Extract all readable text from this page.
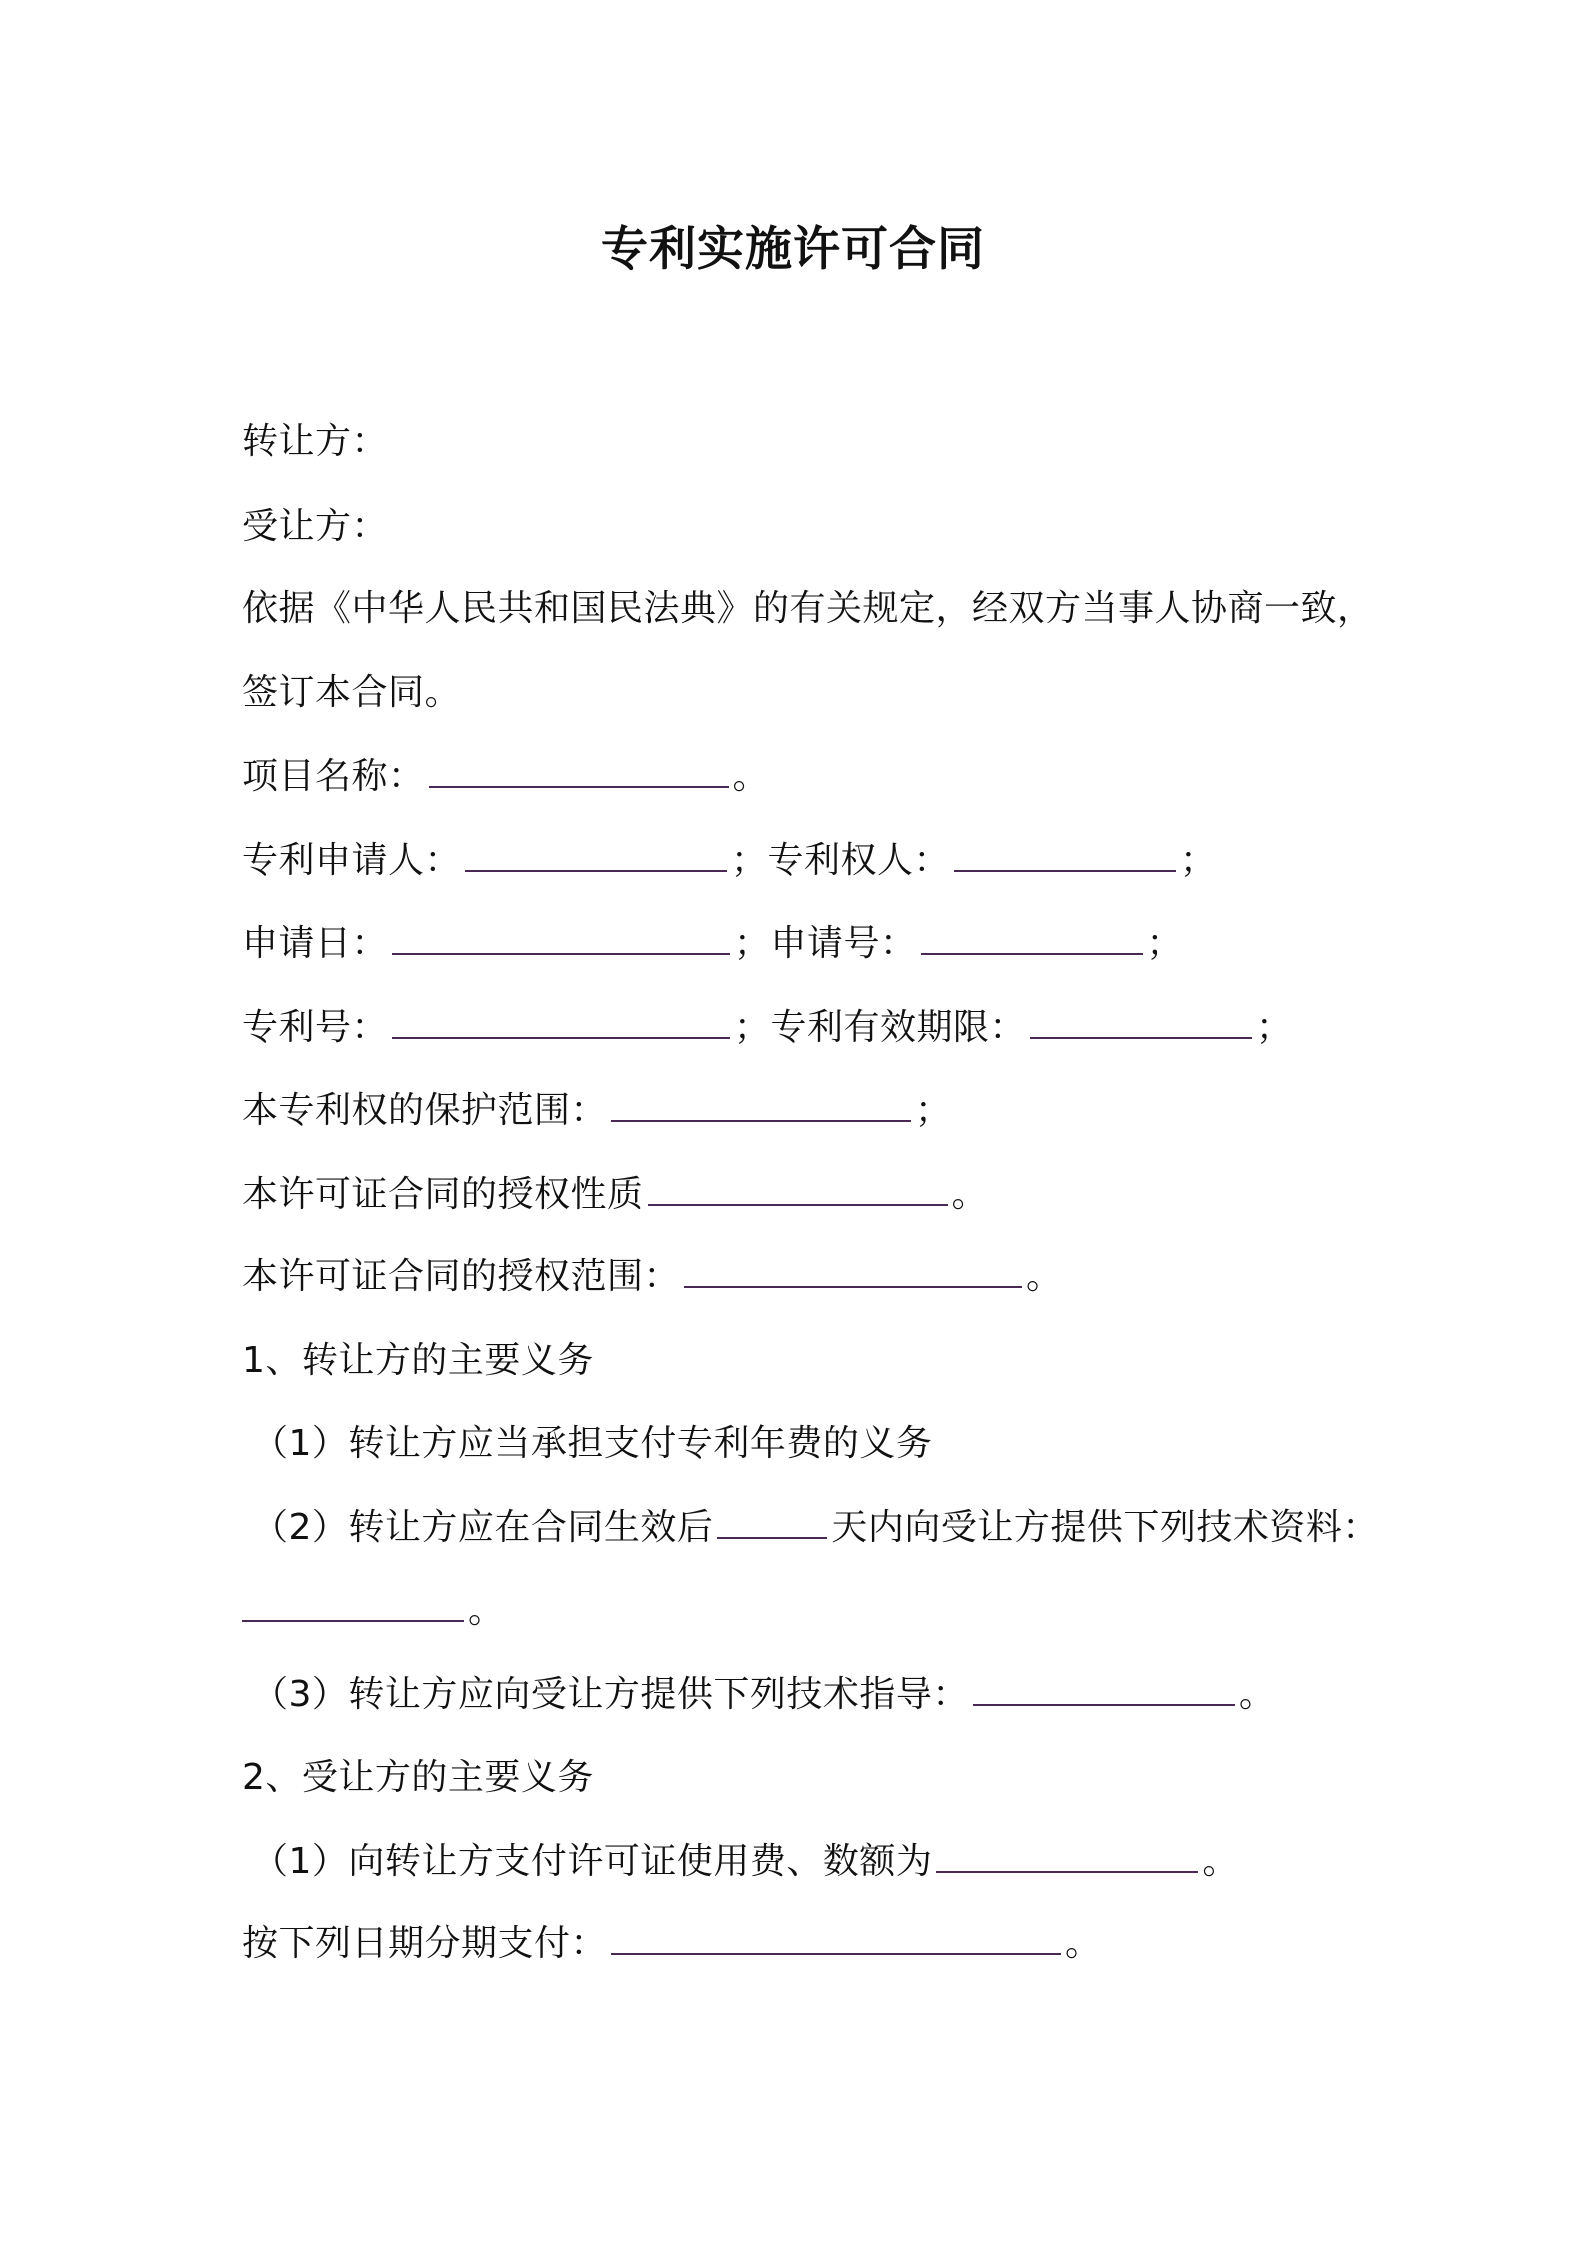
专利实施许可合同
转让方：
受让方：
依据《中华人民共和国民法典》的有关规定，经双方当事人协商一致，
签订本合同。
项目名称：	。
专利申请人：	；专利权人：	；
申请日：	；申请号：	；
专利号：	；专利有效期限：	；
本专利权的保护范围：	；
本许可证合同的授权性质	。
本许可证合同的授权范围：	。
1、转让方的主要义务
（1）转让方应当承担支付专利年费的义务
（2）转让方应在合同生效后	天内向受让方提供下列技术资料：
。
（3）转让方应向受让方提供下列技术指导：	。
2、受让方的主要义务
（1）向转让方支付许可证使用费、数额为	。
按下列日期分期支付：	。
